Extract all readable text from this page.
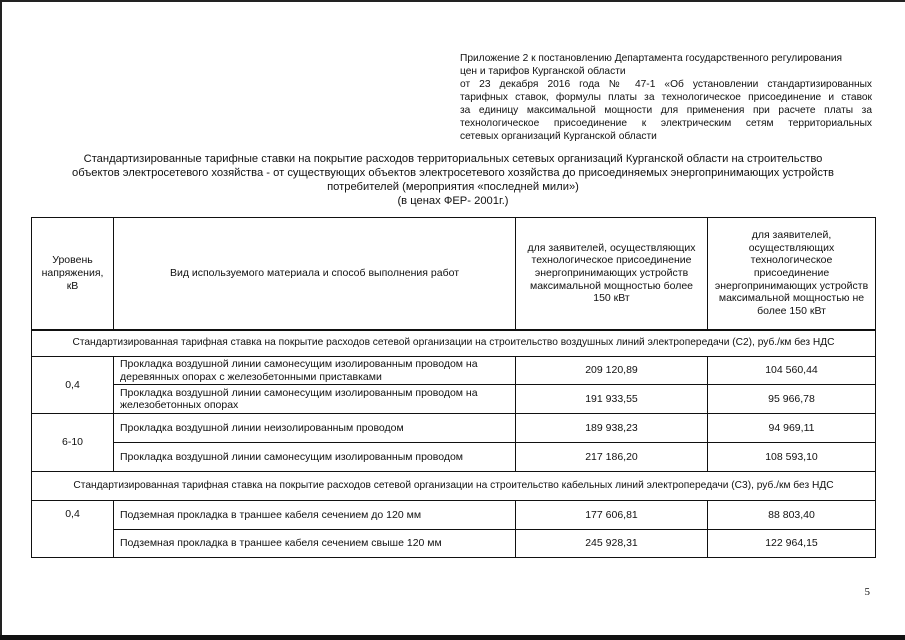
Приложение 2 к постановлению Департамента государственного регулирования
цен и тарифов Курганской области
от 23 декабря 2016 года № 47-1 «Об установлении стандартизированных
тарифных ставок, формулы платы за технологическое присоединение и ставок
за единицу максимальной мощности для применения при расчете платы за
технологическое присоединение к электрическим сетям территориальных
сетевых организаций Курганской области
Стандартизированные тарифные ставки на покрытие расходов территориальных сетевых организаций Курганской области на строительство
объектов электросетевого хозяйства - от существующих объектов электросетевого хозяйства до присоединяемых энергопринимающих устройств
потребителей (мероприятия «последней мили»)
(в ценах ФЕР- 2001г.)
Уровень напряжения, кВ	Вид используемого материала и способ выполнения работ	для заявителей, осуществляющих технологическое присоединение энергопринимающих устройств максимальной мощностью более 150 кВт	для заявителей, осуществляющих технологическое присоединение энергопринимающих устройств максимальной мощностью не более 150 кВт
Стандартизированная тарифная ставка на покрытие расходов сетевой организации на строительство воздушных линий электропередачи (С2), руб./км без НДС			
0,4	Прокладка воздушной линии самонесущим изолированным проводом на деревянных опорах с железобетонными приставками	209 120,89	104 560,44
	Прокладка воздушной линии самонесущим изолированным проводом на железобетонных опорах	191 933,55	95 966,78
6-10	Прокладка воздушной линии неизолированным проводом	189 938,23	94 969,11
	Прокладка воздушной линии самонесущим изолированным проводом	217 186,20	108 593,10
Стандартизированная тарифная ставка на покрытие расходов сетевой организации на строительство кабельных линий электропередачи (С3), руб./км без НДС			
0,4	Подземная прокладка в траншее кабеля сечением до 120 мм	177 606,81	88 803,40
	Подземная прокладка в траншее кабеля сечением свыше 120 мм	245 928,31	122 964,15
5
